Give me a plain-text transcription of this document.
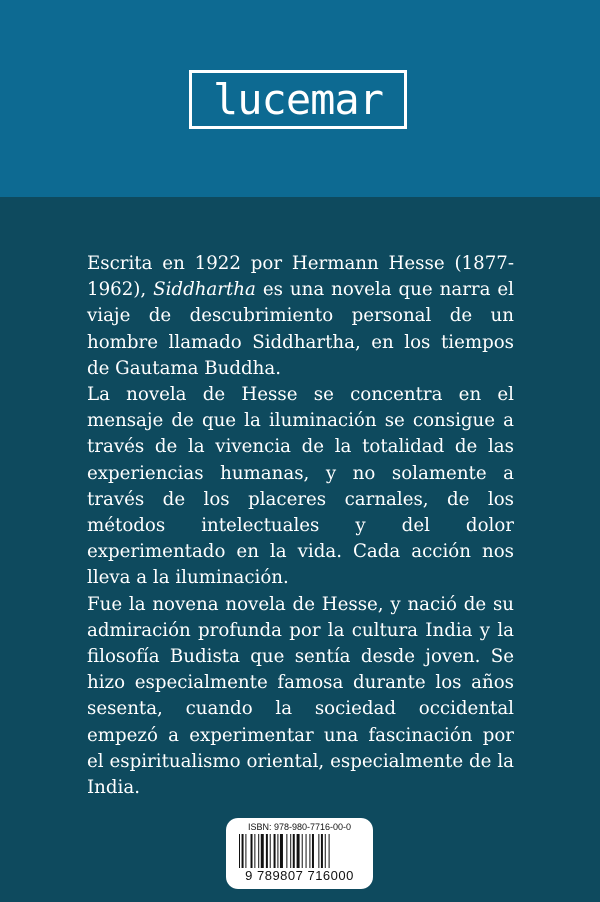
lucemar

Escrita en 1922 por Hermann Hesse (1877-1962), Siddhartha es una novela que narra el viaje de descubrimiento personal de un hombre llamado Siddhartha, en los tiempos de Gautama Buddha.

La novela de Hesse se concentra en el mensaje de que la iluminación se consigue a través de la vivencia de la totalidad de las experiencias humanas, y no solamente a través de los placeres carnales, de los métodos intelectuales y del dolor experimentado en la vida. Cada acción nos lleva a la iluminación.

Fue la novena novela de Hesse, y nació de su admiración profunda por la cultura India y la filosofía Budista que sentía desde joven. Se hizo especialmente famosa durante los años sesenta, cuando la sociedad occidental empezó a experimentar una fascinación por el espiritualismo oriental, especialmente de la India.

ISBN: 978-980-7716-00-0
9 789807 716000
